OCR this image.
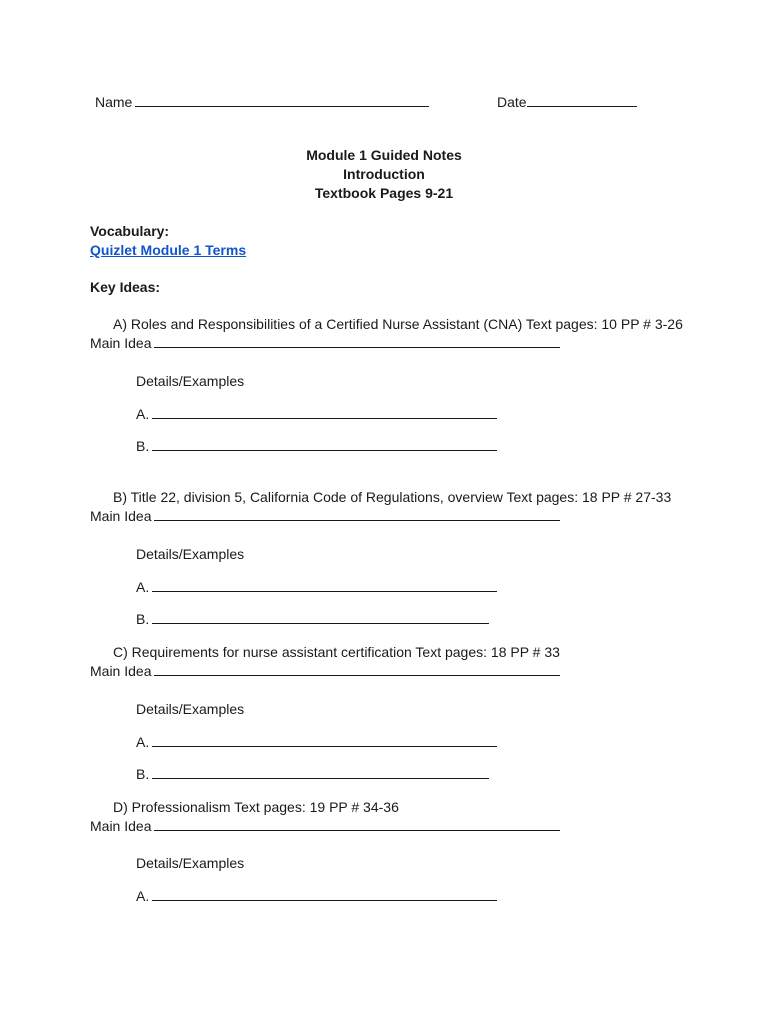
Name	Date
Module 1 Guided Notes
Introduction
Textbook Pages 9-21
Vocabulary:
Quizlet Module 1 Terms
Key Ideas:
A) Roles and Responsibilities of a Certified Nurse Assistant (CNA) Text pages: 10 PP # 3-26
Main Idea
Details/Examples
A.
B.
B) Title 22, division 5, California Code of Regulations, overview Text pages: 18 PP # 27-33
Main Idea
Details/Examples
A.
B.
C) Requirements for nurse assistant certification Text pages: 18 PP # 33
Main Idea
Details/Examples
A.
B.
D) Professionalism Text pages: 19 PP # 34-36
Main Idea
Details/Examples
A.
